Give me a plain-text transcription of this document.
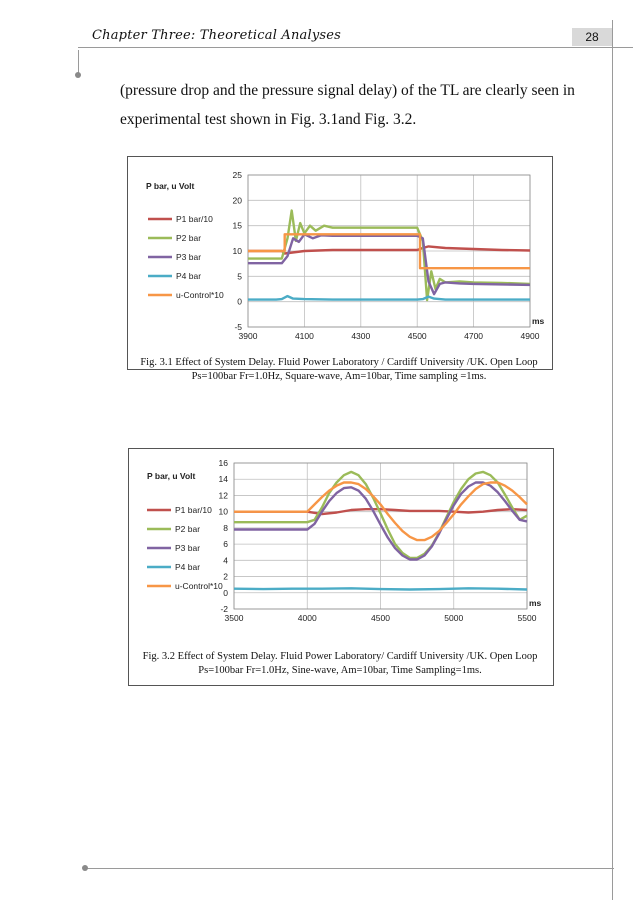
Chapter Three: Theoretical Analyses	28
(pressure drop and the pressure signal delay) of the TL are clearly seen in experimental test shown in Fig. 3.1and Fig. 3.2.
-5
0
5
10
15
20
25
3900	4100	4300	4500	4700	4900
P1 bar/10
P2 bar
P3 bar
P4 bar
u-Control*10
P bar, u Volt
ms
Fig. 3.1 Effect of System Delay. Fluid Power Laboratory / Cardiff University /UK. Open Loop
Ps=100bar Fr=1.0Hz, Square-wave, Am=10bar, Time sampling =1ms.
-2
0
2
4
6
8
10
12
14
16
3500	4000	4500	5000	5500
P1 bar/10
P2 bar
P3 bar
P4 bar
u-Control*10
P bar, u Volt
ms
Fig. 3.2 Effect of System Delay. Fluid Power Laboratory/ Cardiff University /UK. Open Loop
Ps=100bar Fr=1.0Hz, Sine-wave, Am=10bar, Time Sampling=1ms.
